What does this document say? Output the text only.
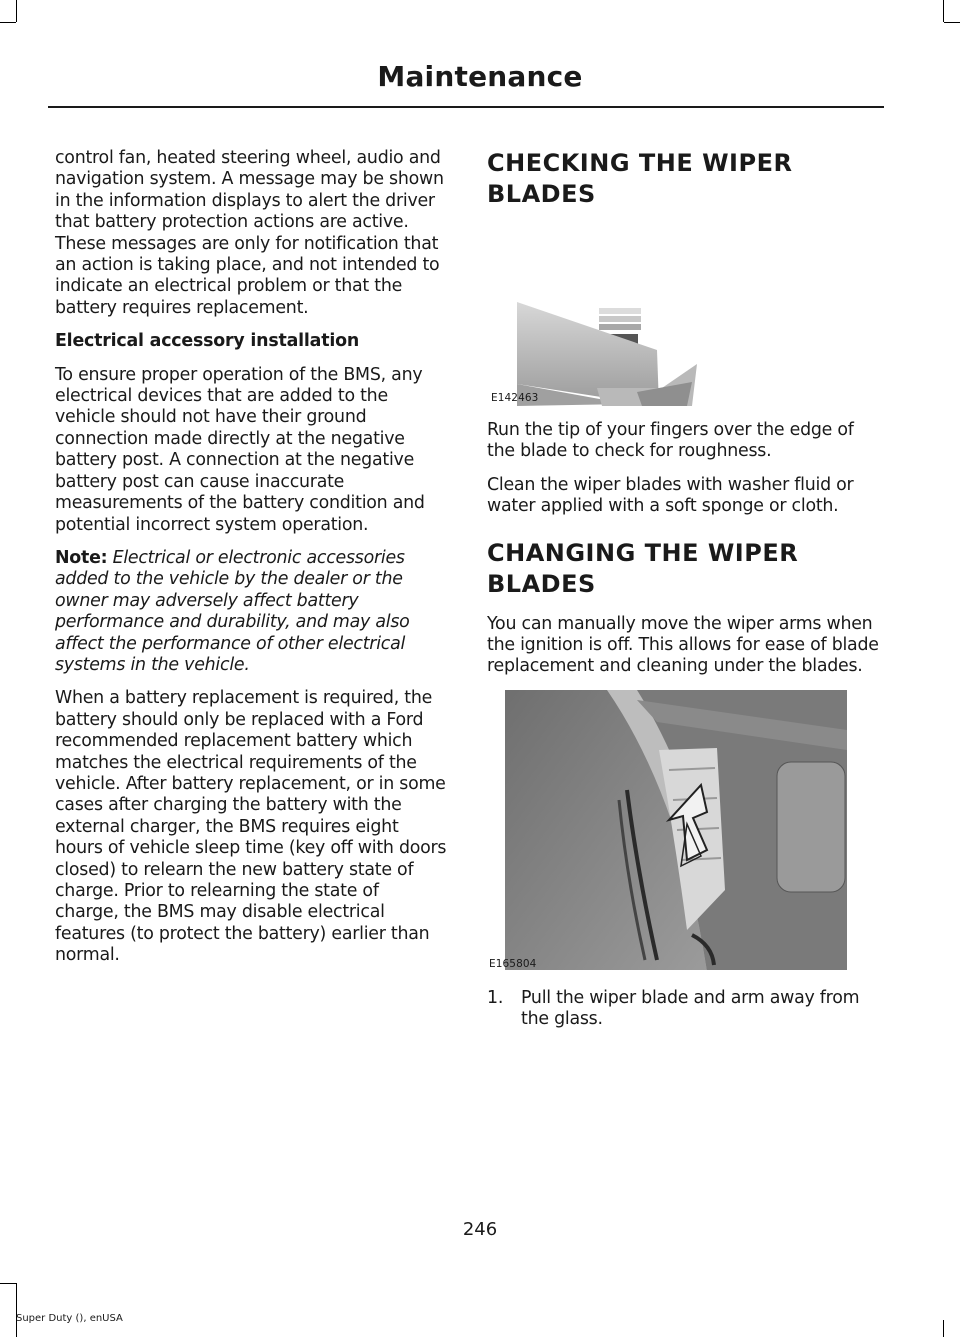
Maintenance

control fan, heated steering wheel, audio and navigation system. A message may be shown in the information displays to alert the driver that battery protection actions are active. These messages are only for notification that an action is taking place, and not intended to indicate an electrical problem or that the battery requires replacement.

Electrical accessory installation

To ensure proper operation of the BMS, any electrical devices that are added to the vehicle should not have their ground connection made directly at the negative battery post. A connection at the negative battery post can cause inaccurate measurements of the battery condition and potential incorrect system operation.

Note: Electrical or electronic accessories added to the vehicle by the dealer or the owner may adversely affect battery performance and durability, and may also affect the performance of other electrical systems in the vehicle.

When a battery replacement is required, the battery should only be replaced with a Ford recommended replacement battery which matches the electrical requirements of the vehicle. After battery replacement, or in some cases after charging the battery with the external charger, the BMS requires eight hours of vehicle sleep time (key off with doors closed) to relearn the new battery state of charge. Prior to relearning the state of charge, the BMS may disable electrical features (to protect the battery) earlier than normal.

CHECKING THE WIPER BLADES
E142463

Run the tip of your fingers over the edge of the blade to check for roughness.

Clean the wiper blades with washer fluid or water applied with a soft sponge or cloth.

CHANGING THE WIPER BLADES

You can manually move the wiper arms when the ignition is off. This allows for ease of blade replacement and cleaning under the blades.

E165804
1.	Pull the wiper blade and arm away from the glass.
246
Super Duty (), enUSA
